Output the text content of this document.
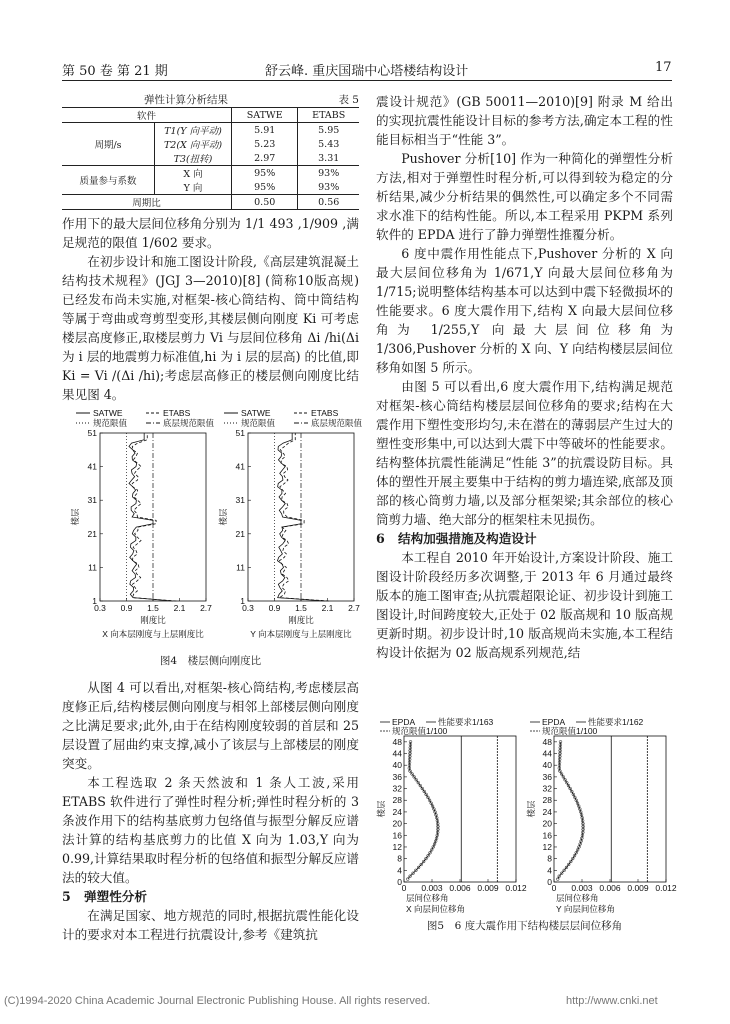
第 50 卷 第 21 期	舒云峰. 重庆国瑞中心塔楼结构设计	17
弹性计算分析结果	表 5
软件		SATWE	ETABS
周期/s	T1(Y 向平动)	5.91	5.95
	T2(X 向平动)	5.23	5.43
	T3(扭转)	2.97	3.31
质量参与系数	X 向	95%	93%
	Y 向	95%	93%
周期比		0.50	0.56

作用下的最大层间位移角分别为 1/1 493 ,1/909 ,满足规范的限值 1/602 要求。

在初步设计和施工图设计阶段,《高层建筑混凝土结构技术规程》(JGJ 3—2010)[8] (简称10版高规) 已经发布尚未实施,对框架-核心筒结构、筒中筒结构等属于弯曲或弯剪型变形,其楼层侧向刚度 Ki 可考虑楼层高度修正,取楼层剪力 Vi 与层间位移角 Δi /hi(Δi 为 i 层的地震剪力标准值,hi 为 i 层的层高) 的比值,即 Ki = Vi /(Δi /hi);考虑层高修正的楼层侧向刚度比结果见图 4。

SATWE	ETABS
规范限值	底层规范限值
SATWE	ETABS
规范限值	底层规范限值
0.3 0.9 1.5 2.1 2.7
1
11
21
31
41
51
刚度比
X 向本层刚度与上层刚度比
楼层
0.3 0.9 1.5 2.1 2.7
1
11
21
31
41
51
刚度比
Y 向本层刚度与上层刚度比
楼层
图4　楼层侧向刚度比

从图 4 可以看出,对框架-核心筒结构,考虑楼层高度修正后,结构楼层侧向刚度与相邻上部楼层侧向刚度之比满足要求;此外,由于在结构刚度较弱的首层和 25 层设置了屈曲约束支撑,减小了该层与上部楼层的刚度突变。

本工程选取 2 条天然波和 1 条人工波,采用 ETABS 软件进行了弹性时程分析;弹性时程分析的 3 条波作用下的结构基底剪力包络值与振型分解反应谱法计算的结构基底剪力的比值 X 向为 1.03,Y 向为 0.99,计算结果取时程分析的包络值和振型分解反应谱法的较大值。

5 弹塑性分析

在满足国家、地方规范的同时,根据抗震性能化设计的要求对本工程进行抗震设计,参考《建筑抗

震设计规范》(GB 50011—2010)[9] 附录 M 给出的实现抗震性能设计目标的参考方法,确定本工程的性能目标相当于“性能 3”。

Pushover 分析[10] 作为一种简化的弹塑性分析方法,相对于弹塑性时程分析,可以得到较为稳定的分析结果,减少分析结果的偶然性,可以确定多个不同需求水准下的结构性能。所以,本工程采用 PKPM 系列软件的 EPDA 进行了静力弹塑性推覆分析。

6 度中震作用性能点下,Pushover 分析的 X 向最大层间位移角为 1/671,Y 向最大层间位移角为 1/715;说明整体结构基本可以达到中震下轻微损坏的性能要求。6 度大震作用下,结构 X 向最大层间位移角为 1/255,Y 向最大层间位移角为 1/306,Pushover 分析的 X 向、Y 向结构楼层层间位移角如图 5 所示。

由图 5 可以看出,6 度大震作用下,结构满足规范对框架-核心筒结构楼层层间位移角的要求;结构在大震作用下塑性变形均匀,未在潜在的薄弱层产生过大的塑性变形集中,可以达到大震下中等破坏的性能要求。结构整体抗震性能满足“性能 3”的抗震设防目标。具体的塑性开展主要集中于结构的剪力墙连梁,底部及顶部的核心筒剪力墙,以及部分框架梁;其余部位的核心筒剪力墙、绝大部分的框架柱未见损伤。

6 结构加强措施及构造设计

本工程自 2010 年开始设计,方案设计阶段、施工图设计阶段经历多次调整,于 2013 年 6 月通过最终版本的施工图审查;从抗震超限论证、初步设计到施工图设计,时间跨度较大,正处于 02 版高规和 10 版高规更新时期。初步设计时,10 版高规尚未实施,本工程结构设计依据为 02 版高规系列规范,结

EPDA	性能要求1/163
规范限值1/100
0 0.003 0.006 0.009 0.012
0
4
8
12
16
20
24
28
32
36
40
44
48
层间位移角
X 向层间位移角
楼层
EPDA	性能要求1/162
规范限值1/100
0 0.003 0.006 0.009 0.012
0
4
8
12
16
20
24
28
32
36
40
44
48
层间位移角
Y 向层间位移角
楼层
图5　6 度大震作用下结构楼层层间位移角
(C)1994-2020 China Academic Journal Electronic Publishing House. All rights reserved.	http://www.cnki.net
